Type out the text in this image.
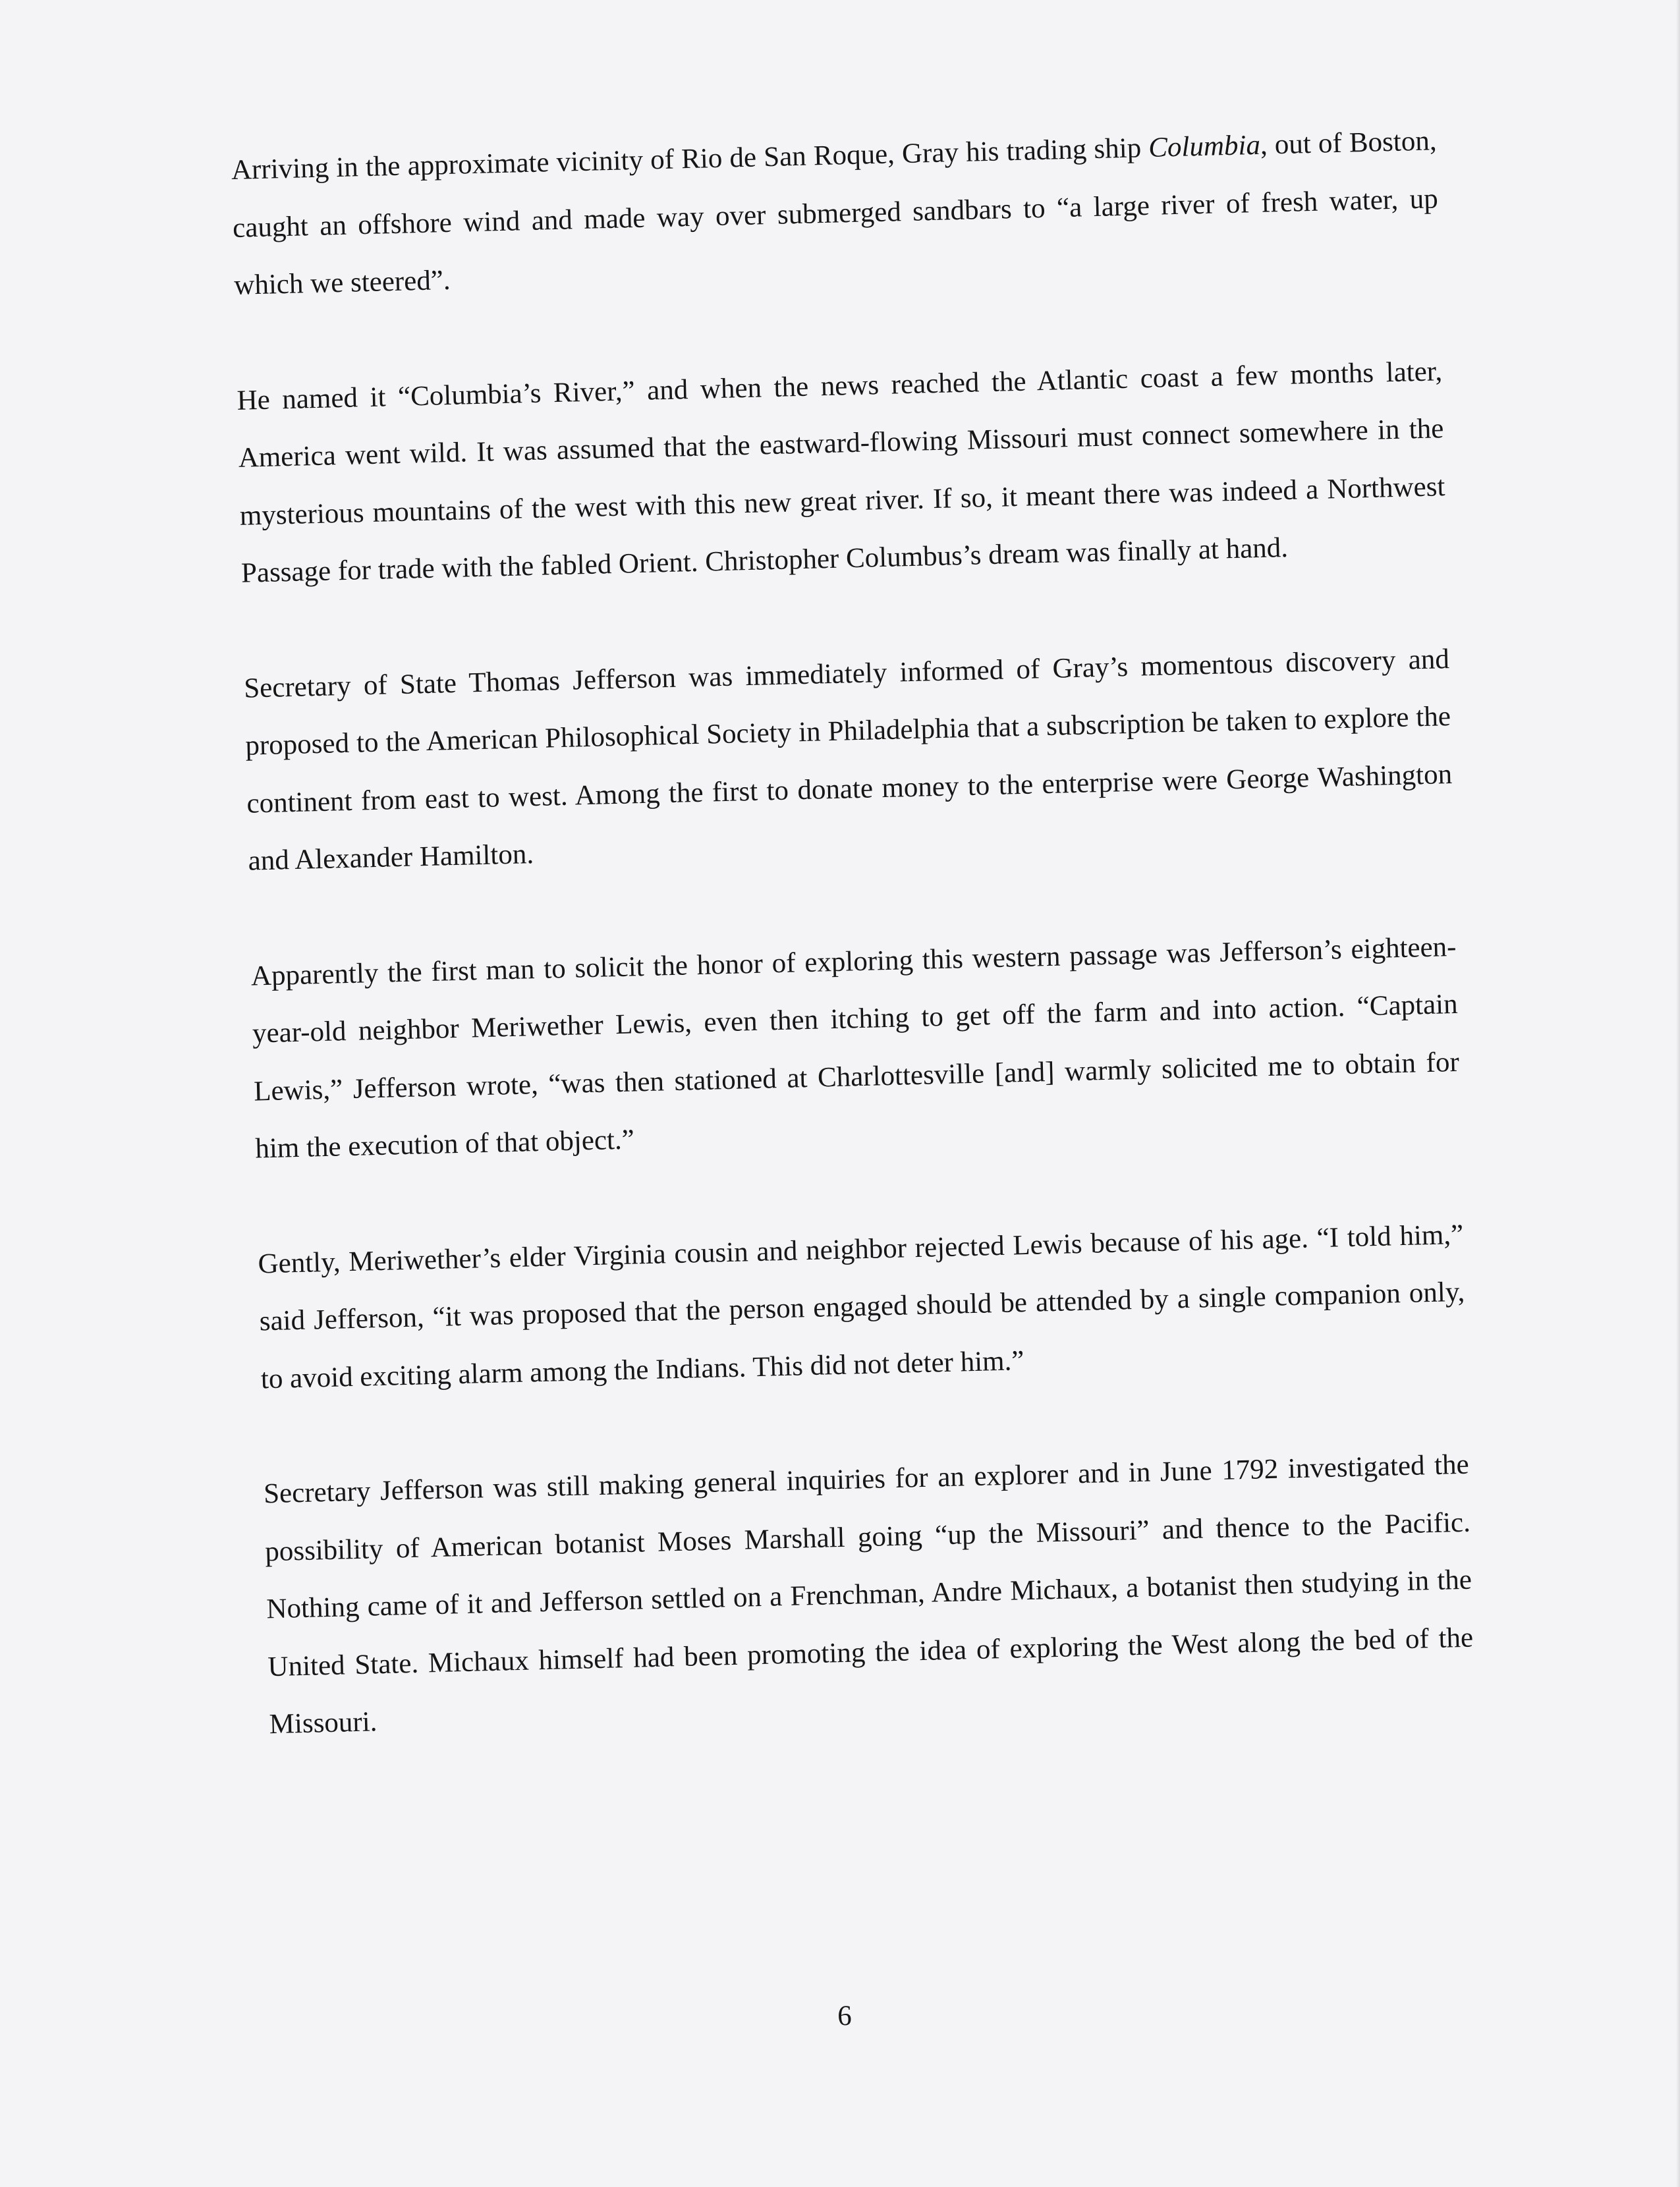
Arriving in the approximate vicinity of Rio de San Roque, Gray his trading ship Columbia, out of Boston, caught an offshore wind and made way over submerged sandbars to “a large river of fresh water, up which we steered”.

He named it “Columbia’s River,” and when the news reached the Atlantic coast a few months later, America went wild. It was assumed that the eastward-flowing Missouri must connect somewhere in the mysterious mountains of the west with this new great river. If so, it meant there was indeed a Northwest Passage for trade with the fabled Orient. Christopher Columbus’s dream was finally at hand.

Secretary of State Thomas Jefferson was immediately informed of Gray’s momentous discovery and proposed to the American Philosophical Society in Philadelphia that a subscription be taken to explore the continent from east to west. Among the first to donate money to the enterprise were George Washington and Alexander Hamilton.

Apparently the first man to solicit the honor of exploring this western passage was Jefferson’s eighteen-year-old neighbor Meriwether Lewis, even then itching to get off the farm and into action. “Captain Lewis,” Jefferson wrote, “was then stationed at Charlottesville [and] warmly solicited me to obtain for him the execution of that object.”

Gently, Meriwether’s elder Virginia cousin and neighbor rejected Lewis because of his age. “I told him,” said Jefferson, “it was proposed that the person engaged should be attended by a single companion only, to avoid exciting alarm among the Indians. This did not deter him.”

Secretary Jefferson was still making general inquiries for an explorer and in June 1792 investigated the possibility of American botanist Moses Marshall going “up the Missouri” and thence to the Pacific. Nothing came of it and Jefferson settled on a Frenchman, Andre Michaux, a botanist then studying in the United State. Michaux himself had been promoting the idea of exploring the West along the bed of the Missouri.

6
